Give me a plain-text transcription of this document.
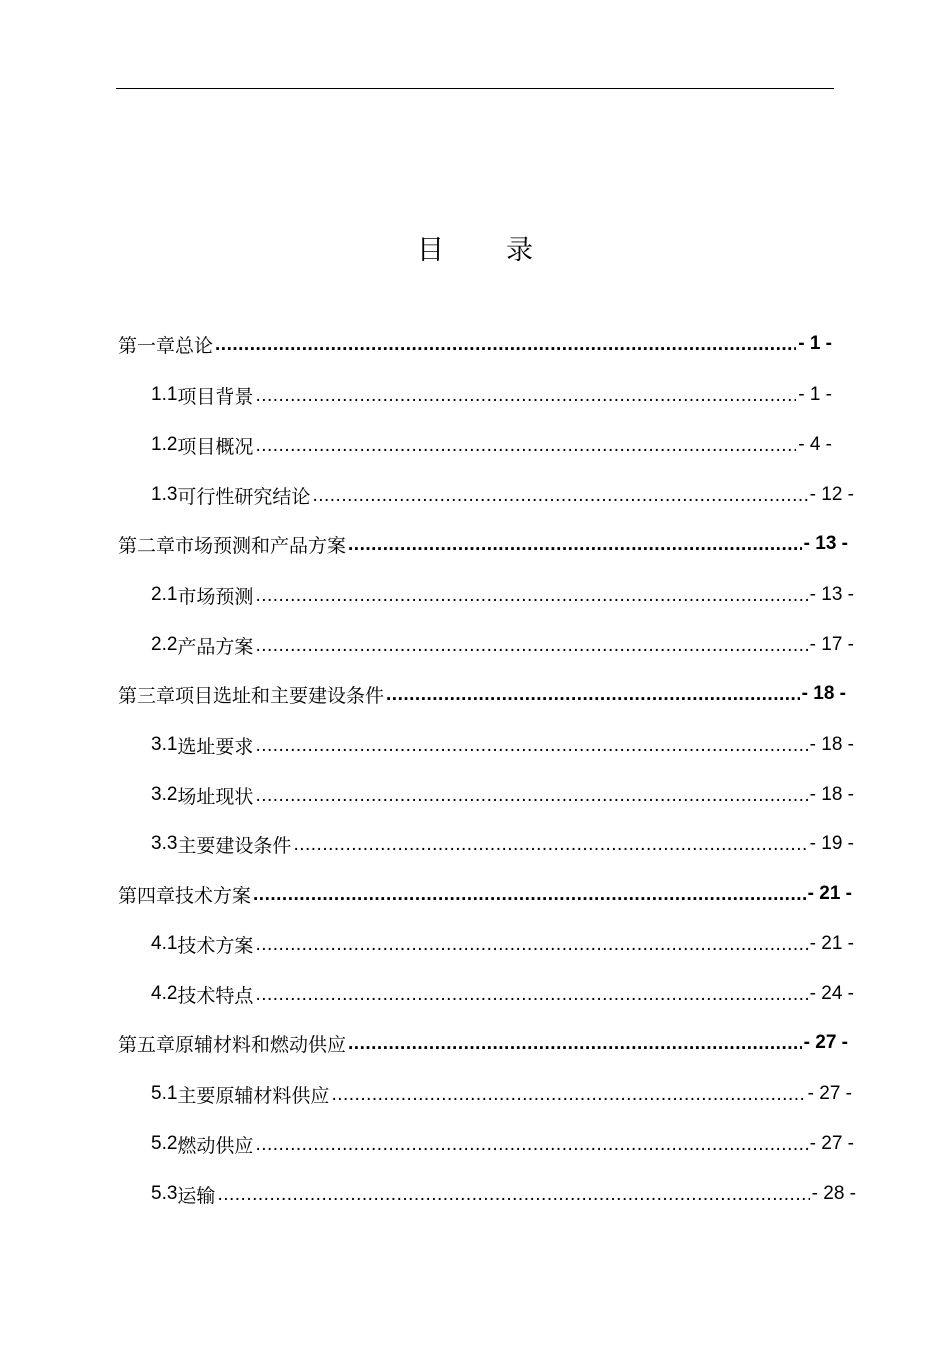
目 录
第一章 总论 .....	- 1 -
1.1 项目背景 .....	- 1 -
1.2 项目概况 .....	- 4 -
1.3 可行性研究结论 .....	- 12 -
第二章 市场预测和产品方案 .....	- 13 -
2.1 市场预测 .....	- 13 -
2.2 产品方案 .....	- 17 -
第三章 项目选址和主要建设条件 .....	- 18 -
3.1 选址要求 .....	- 18 -
3.2 场址现状 .....	- 18 -
3.3 主要建设条件 .....	- 19 -
第四章 技术方案 .....	- 21 -
4.1 技术方案 .....	- 21 -
4.2 技术特点 .....	- 24 -
第五章 原辅材料和燃动供应 .....	- 27 -
5.1 主要原辅材料供应 .....	- 27 -
5.2 燃动供应 .....	- 27 -
5.3 运输 .....	- 28 -
